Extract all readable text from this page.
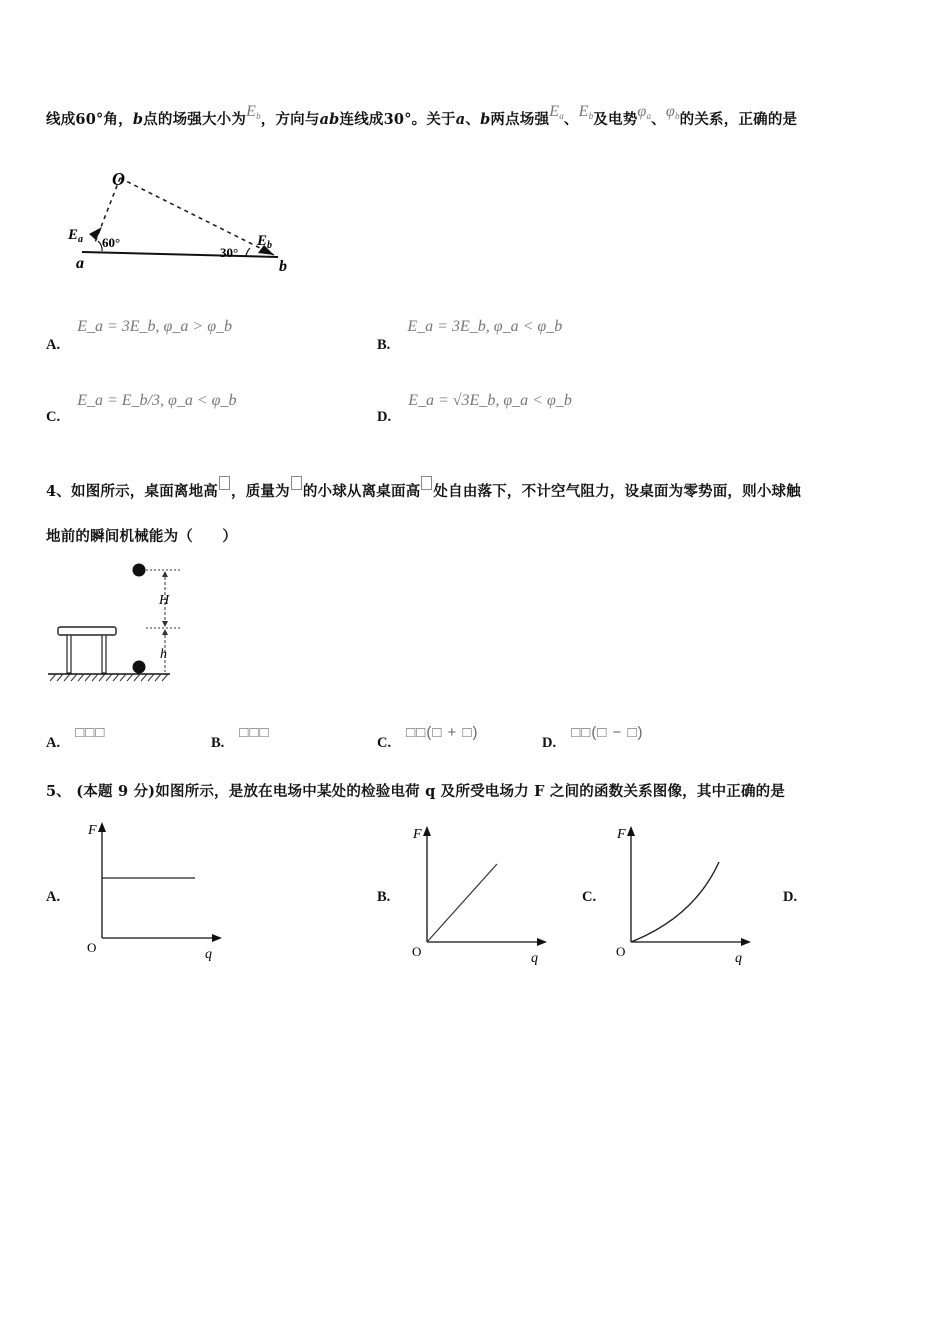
线成60°角，b点的场强大小为$E_b$，方向与ab连线成30°。关于a、b两点场强$E_a$、$E_b$及电势$\varphi_a$、$\varphi_b$的关系，正确的是
O
$E_a$ 60°
a
30°
$E_b$
b
A. E_a = 3E_b, φ_a > φ_b
B. E_a = 3E_b, φ_a < φ_b
C. E_a = E_b/3, φ_a < φ_b
D. E_a = √3E_b, φ_a < φ_b
4、如图所示，桌面离地高 ，质量为 的小球从离桌面高 处自由落下，不计空气阻力，设桌面为零势面，则小球触
地前的瞬间机械能为（　　）
H
h
A. □□□
B. □□□
C. □□(□ + □)
D. □□(□ − □)
5、 (本题 9 分)如图所示，是放在电场中某处的检验电荷 q 及所受电场力 F 之间的函数关系图像，其中正确的是
A.
F
q
O
B.
F
q
O
C.
F
q
O
D.
